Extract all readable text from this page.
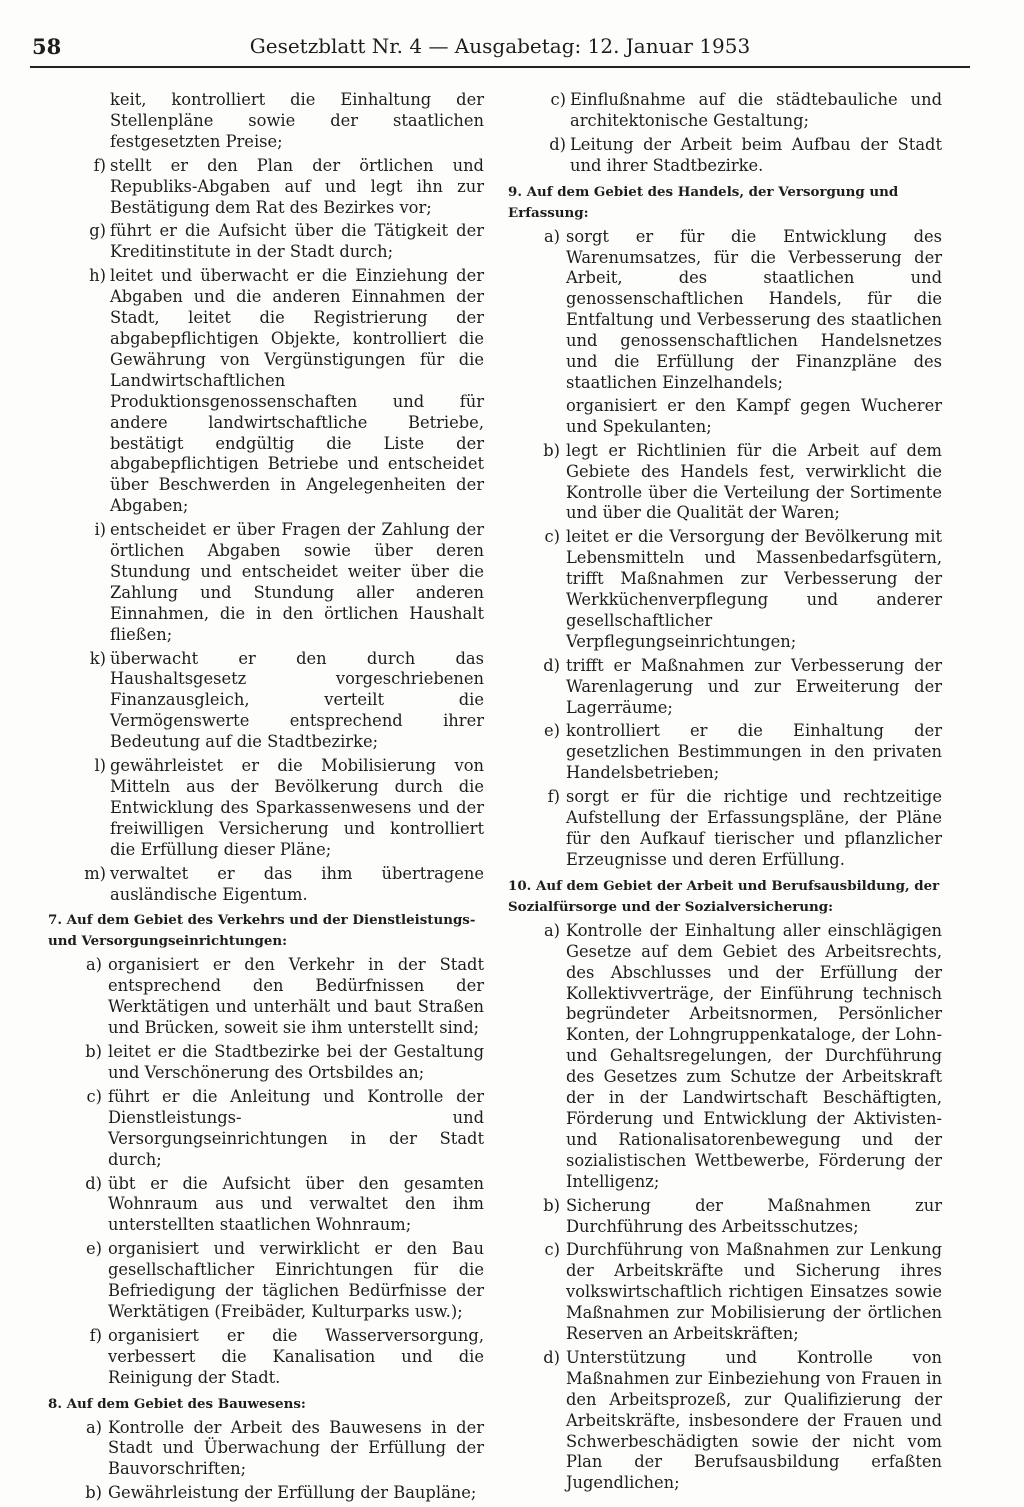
58	Gesetzblatt Nr. 4 — Ausgabetag: 12. Januar 1953
keit, kontrolliert die Einhaltung der Stellenpläne sowie der staatlichen festgesetzten Preise;
f) stellt er den Plan der örtlichen und Republiks-Abgaben auf und legt ihn zur Bestätigung dem Rat des Bezirkes vor;
g) führt er die Aufsicht über die Tätigkeit der Kreditinstitute in der Stadt durch;
h) leitet und überwacht er die Einziehung der Abgaben und die anderen Einnahmen der Stadt, leitet die Registrierung der abgabepflichtigen Objekte, kontrolliert die Gewährung von Vergünstigungen für die Landwirtschaftlichen Produktionsgenossenschaften und für andere landwirtschaftliche Betriebe, bestätigt endgültig die Liste der abgabepflichtigen Betriebe und entscheidet über Beschwerden in Angelegenheiten der Abgaben;
i) entscheidet er über Fragen der Zahlung der örtlichen Abgaben sowie über deren Stundung und entscheidet weiter über die Zahlung und Stundung aller anderen Einnahmen, die in den örtlichen Haushalt fließen;
k) überwacht er den durch das Haushaltsgesetz vorgeschriebenen Finanzausgleich, verteilt die Vermögenswerte entsprechend ihrer Bedeutung auf die Stadtbezirke;
l) gewährleistet er die Mobilisierung von Mitteln aus der Bevölkerung durch die Entwicklung des Sparkassenwesens und der freiwilligen Versicherung und kontrolliert die Erfüllung dieser Pläne;
m) verwaltet er das ihm übertragene ausländische Eigentum.
7. Auf dem Gebiet des Verkehrs und der Dienstleistungs- und Versorgungseinrichtungen:
a) organisiert er den Verkehr in der Stadt entsprechend den Bedürfnissen der Werktätigen und unterhält und baut Straßen und Brücken, soweit sie ihm unterstellt sind;
b) leitet er die Stadtbezirke bei der Gestaltung und Verschönerung des Ortsbildes an;
c) führt er die Anleitung und Kontrolle der Dienstleistungs- und Versorgungseinrichtungen in der Stadt durch;
d) übt er die Aufsicht über den gesamten Wohnraum aus und verwaltet den ihm unterstellten staatlichen Wohnraum;
e) organisiert und verwirklicht er den Bau gesellschaftlicher Einrichtungen für die Befriedigung der täglichen Bedürfnisse der Werktätigen (Freibäder, Kulturparks usw.);
f) organisiert er die Wasserversorgung, verbessert die Kanalisation und die Reinigung der Stadt.
8. Auf dem Gebiet des Bauwesens:
a) Kontrolle der Arbeit des Bauwesens in der Stadt und Überwachung der Erfüllung der Bauvorschriften;
b) Gewährleistung der Erfüllung der Baupläne;
c) Einflußnahme auf die städtebauliche und architektonische Gestaltung;
d) Leitung der Arbeit beim Aufbau der Stadt und ihrer Stadtbezirke.
9. Auf dem Gebiet des Handels, der Versorgung und Erfassung:
a) sorgt er für die Entwicklung des Warenumsatzes, für die Verbesserung der Arbeit, des staatlichen und genossenschaftlichen Handels, für die Entfaltung und Verbesserung des staatlichen und genossenschaftlichen Handelsnetzes und die Erfüllung der Finanzpläne des staatlichen Einzelhandels;
organisiert er den Kampf gegen Wucherer und Spekulanten;
b) legt er Richtlinien für die Arbeit auf dem Gebiete des Handels fest, verwirklicht die Kontrolle über die Verteilung der Sortimente und über die Qualität der Waren;
c) leitet er die Versorgung der Bevölkerung mit Lebensmitteln und Massenbedarfsgütern, trifft Maßnahmen zur Verbesserung der Werkküchenverpflegung und anderer gesellschaftlicher Verpflegungseinrichtungen;
d) trifft er Maßnahmen zur Verbesserung der Warenlagerung und zur Erweiterung der Lagerräume;
e) kontrolliert er die Einhaltung der gesetzlichen Bestimmungen in den privaten Handelsbetrieben;
f) sorgt er für die richtige und rechtzeitige Aufstellung der Erfassungspläne, der Pläne für den Aufkauf tierischer und pflanzlicher Erzeugnisse und deren Erfüllung.
10. Auf dem Gebiet der Arbeit und Berufsausbildung, der Sozialfürsorge und der Sozialversicherung:
a) Kontrolle der Einhaltung aller einschlägigen Gesetze auf dem Gebiet des Arbeitsrechts, des Abschlusses und der Erfüllung der Kollektivverträge, der Einführung technisch begründeter Arbeitsnormen, Persönlicher Konten, der Lohngruppenkataloge, der Lohn- und Gehaltsregelungen, der Durchführung des Gesetzes zum Schutze der Arbeitskraft der in der Landwirtschaft Beschäftigten, Förderung und Entwicklung der Aktivisten- und Rationalisatorenbewegung und der sozialistischen Wettbewerbe, Förderung der Intelligenz;
b) Sicherung der Maßnahmen zur Durchführung des Arbeitsschutzes;
c) Durchführung von Maßnahmen zur Lenkung der Arbeitskräfte und Sicherung ihres volkswirtschaftlich richtigen Einsatzes sowie Maßnahmen zur Mobilisierung der örtlichen Reserven an Arbeitskräften;
d) Unterstützung und Kontrolle von Maßnahmen zur Einbeziehung von Frauen in den Arbeitsprozeß, zur Qualifizierung der Arbeitskräfte, insbesondere der Frauen und Schwerbeschädigten sowie der nicht vom Plan der Berufsausbildung erfaßten Jugendlichen;
